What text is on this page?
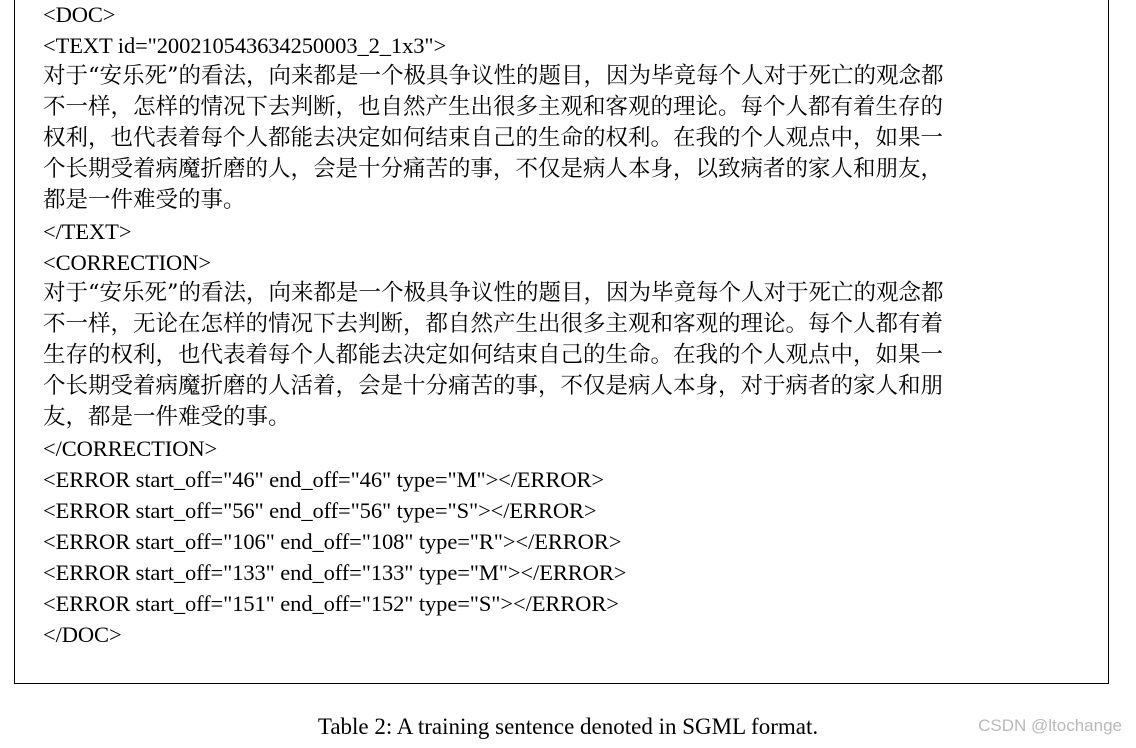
<DOC>
<TEXT id="200210543634250003_2_1x3">
对于“安乐死”的看法，向来都是一个极具争议性的题目，因为毕竟每个人对于死亡的观念都
不一样，怎样的情况下去判断，也自然产生出很多主观和客观的理论。每个人都有着生存的
权利，也代表着每个人都能去决定如何结束自己的生命的权利。在我的个人观点中，如果一
个长期受着病魔折磨的人，会是十分痛苦的事，不仅是病人本身，以致病者的家人和朋友，
都是一件难受的事。
</TEXT>
<CORRECTION>
对于“安乐死”的看法，向来都是一个极具争议性的题目，因为毕竟每个人对于死亡的观念都
不一样，无论在怎样的情况下去判断，都自然产生出很多主观和客观的理论。每个人都有着
生存的权利，也代表着每个人都能去决定如何结束自己的生命。在我的个人观点中，如果一
个长期受着病魔折磨的人活着，会是十分痛苦的事，不仅是病人本身，对于病者的家人和朋
友，都是一件难受的事。
</CORRECTION>
<ERROR start_off="46" end_off="46" type="M"></ERROR>
<ERROR start_off="56" end_off="56" type="S"></ERROR>
<ERROR start_off="106" end_off="108" type="R"></ERROR>
<ERROR start_off="133" end_off="133" type="M"></ERROR>
<ERROR start_off="151" end_off="152" type="S"></ERROR>
</DOC>
Table 2: A training sentence denoted in SGML format.	CSDN @ltochange
